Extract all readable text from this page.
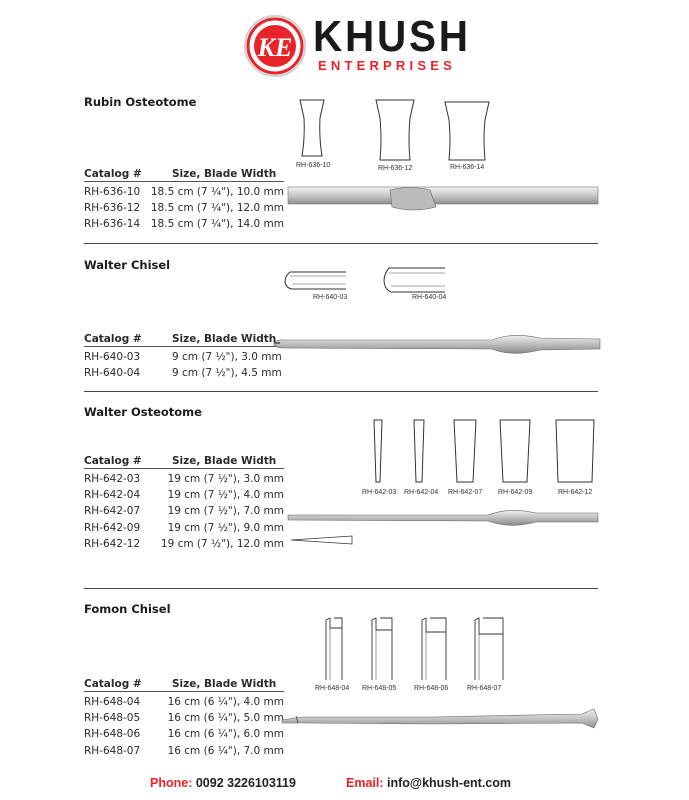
KE KHUSH
ENTERPRISES
Rubin Osteotome
Catalog #	Size, Blade Width
RH-636-10	18.5 cm (7 ¼"), 10.0 mm
RH-636-12	18.5 cm (7 ¼"), 12.0 mm
RH-636-14	18.5 cm (7 ¼"), 14.0 mm
RH-636-10	RH-636-12	RH-636-14
Walter Chisel
RH-640-03	RH-640-04
Catalog #	Size, Blade Width
RH-640-03	9 cm (7 ½"), 3.0 mm
RH-640-04	9 cm (7 ½"), 4.5 mm
Walter Osteotome
RH-642-03 RH-642-04 RH-642-07 RH-642-09	RH-642-12
Catalog #	Size, Blade Width
RH-642-03	19 cm (7 ½"), 3.0 mm
RH-642-04	19 cm (7 ½"), 4.0 mm
RH-642-07	19 cm (7 ½"), 7.0 mm
RH-642-09	19 cm (7 ½"), 9.0 mm
RH-642-12	19 cm (7 ½"), 12.0 mm
Fomon Chisel
RH-648-04 RH-648-05	RH-648-06	RH-648-07
Catalog #	Size, Blade Width
RH-648-04	16 cm (6 ¼"), 4.0 mm
RH-648-05	16 cm (6 ¼"), 5.0 mm
RH-648-06	16 cm (6 ¼"), 6.0 mm
RH-648-07	16 cm (6 ¼"), 7.0 mm
Phone: 0092 3226103119	Email: info@khush-ent.com
